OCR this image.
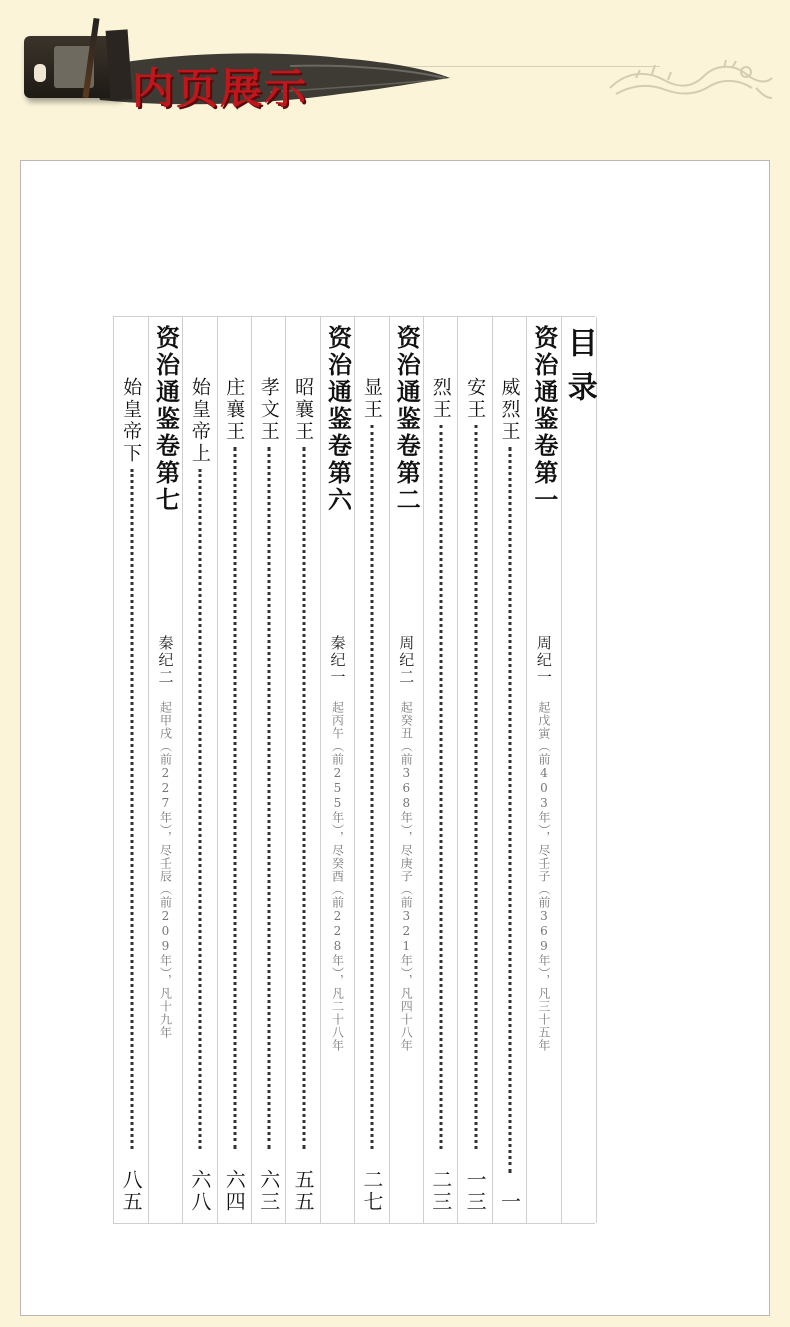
内页展示
目录
资治通鉴卷第一
周纪一
起戊寅（前403年），尽壬子（前369年），凡三十五年
威烈王
一
安王
一三
烈王
二三
资治通鉴卷第二
周纪二
起癸丑（前368年），尽庚子（前321年），凡四十八年
显王
二七
资治通鉴卷第六
秦纪一
起丙午（前255年），尽癸酉（前228年），凡二十八年
昭襄王
五五
孝文王
六三
庄襄王
六四
始皇帝上
六八
资治通鉴卷第七
秦纪二
起甲戌（前227年），尽壬辰（前209年），凡十九年
始皇帝下
八五
